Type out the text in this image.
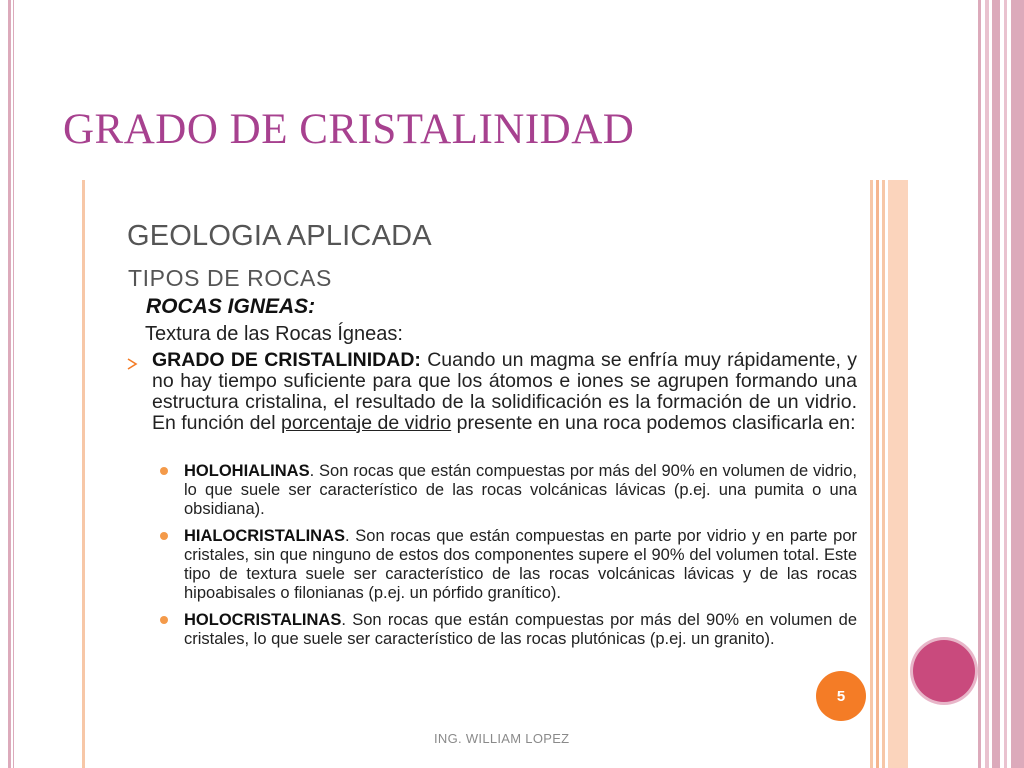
GRADO DE CRISTALINIDAD
GEOLOGIA APLICADA
TIPOS DE ROCAS
ROCAS IGNEAS:
Textura de las Rocas Ígneas:
GRADO DE CRISTALINIDAD: Cuando un magma se enfría muy rápidamente, y no hay tiempo suficiente para que los átomos e iones se agrupen formando una estructura cristalina, el resultado de la solidificación es la formación de un vidrio. En función del porcentaje de vidrio presente en una roca podemos clasificarla en:
HOLOHIALINAS. Son rocas que están compuestas por más del 90% en volumen de vidrio, lo que suele ser característico de las rocas volcánicas lávicas (p.ej. una pumita o una obsidiana).
HIALOCRISTALINAS. Son rocas que están compuestas en parte por vidrio y en parte por cristales, sin que ninguno de estos dos componentes supere el 90% del volumen total. Este tipo de textura suele ser característico de las rocas volcánicas lávicas y de las rocas hipoabisales o filonianas (p.ej. un pórfido granítico).
HOLOCRISTALINAS. Son rocas que están compuestas por más del 90% en volumen de cristales, lo que suele ser característico de las rocas plutónicas (p.ej. un granito).
5
ING. WILLIAM LOPEZ
